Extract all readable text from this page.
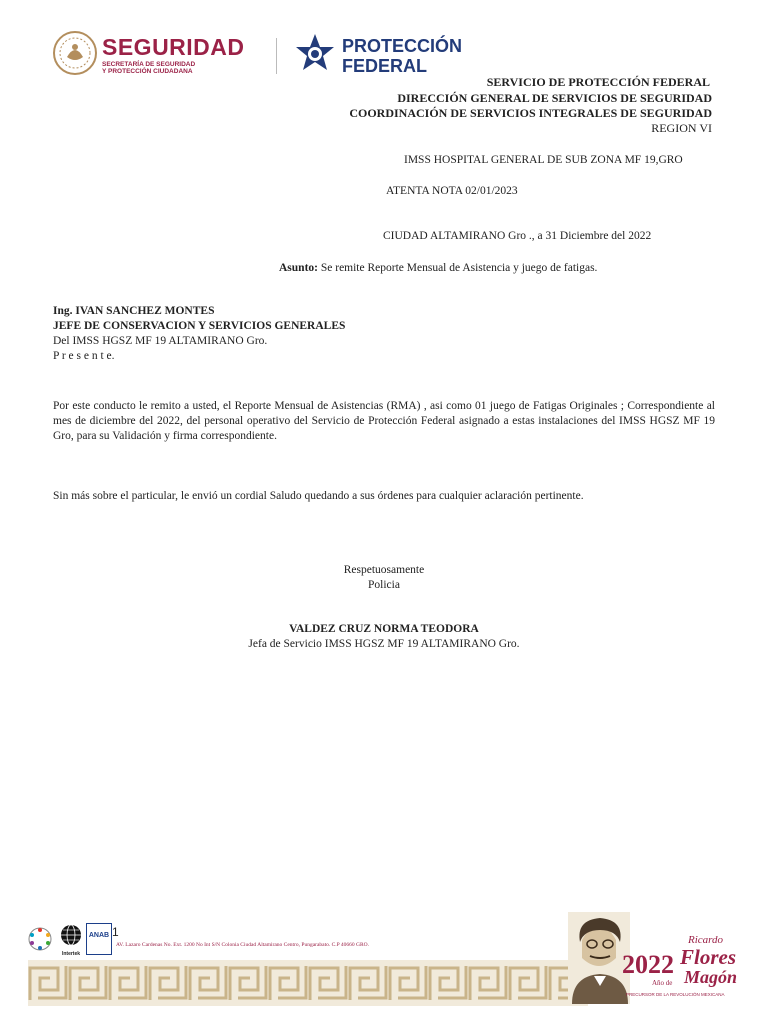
SEGURIDAD
SECRETARÍA DE SEGURIDAD
Y PROTECCIÓN CIUDADANA
PROTECCIÓN
FEDERAL
SERVICIO DE PROTECCIÓN FEDERAL
DIRECCIÓN GENERAL DE SERVICIOS DE SEGURIDAD
COORDINACIÓN DE SERVICIOS INTEGRALES DE SEGURIDAD
REGION VI
IMSS HOSPITAL GENERAL DE SUB ZONA MF 19,GRO
ATENTA NOTA 02/01/2023
CIUDAD ALTAMIRANO Gro ., a 31 Diciembre del 2022
Asunto: Se remite Reporte Mensual de Asistencia y juego de fatigas.
Ing. IVAN SANCHEZ MONTES
JEFE DE CONSERVACION Y SERVICIOS GENERALES
Del IMSS HGSZ MF 19 ALTAMIRANO Gro.
P r e s e n t e.
Por este conducto le remito a usted, el Reporte Mensual de Asistencias (RMA) , asi como 01 juego de Fatigas Originales ; Correspondiente al mes de diciembre del 2022, del personal operativo del Servicio de Protección Federal asignado a estas instalaciones del IMSS HGSZ MF 19 Gro, para su Validación y firma correspondiente.
Sin más sobre el particular, le envió un cordial Saludo quedando a sus órdenes para cualquier aclaración pertinente.
Respetuosamente
Policia
VALDEZ CRUZ NORMA TEODORA
Jefa de Servicio IMSS HGSZ MF 19 ALTAMIRANO Gro.
Intertek
ANAB 1
AV. Lazaro Cardenas No. Ext. 1200 No Int S/N Colonia Ciudad Altamirano Centro, Pungarabato. C.P 40660 GRO.
2022
Año de
Ricardo
Flores
Magón
PRECURSOR DE LA REVOLUCIÓN MEXICANA
